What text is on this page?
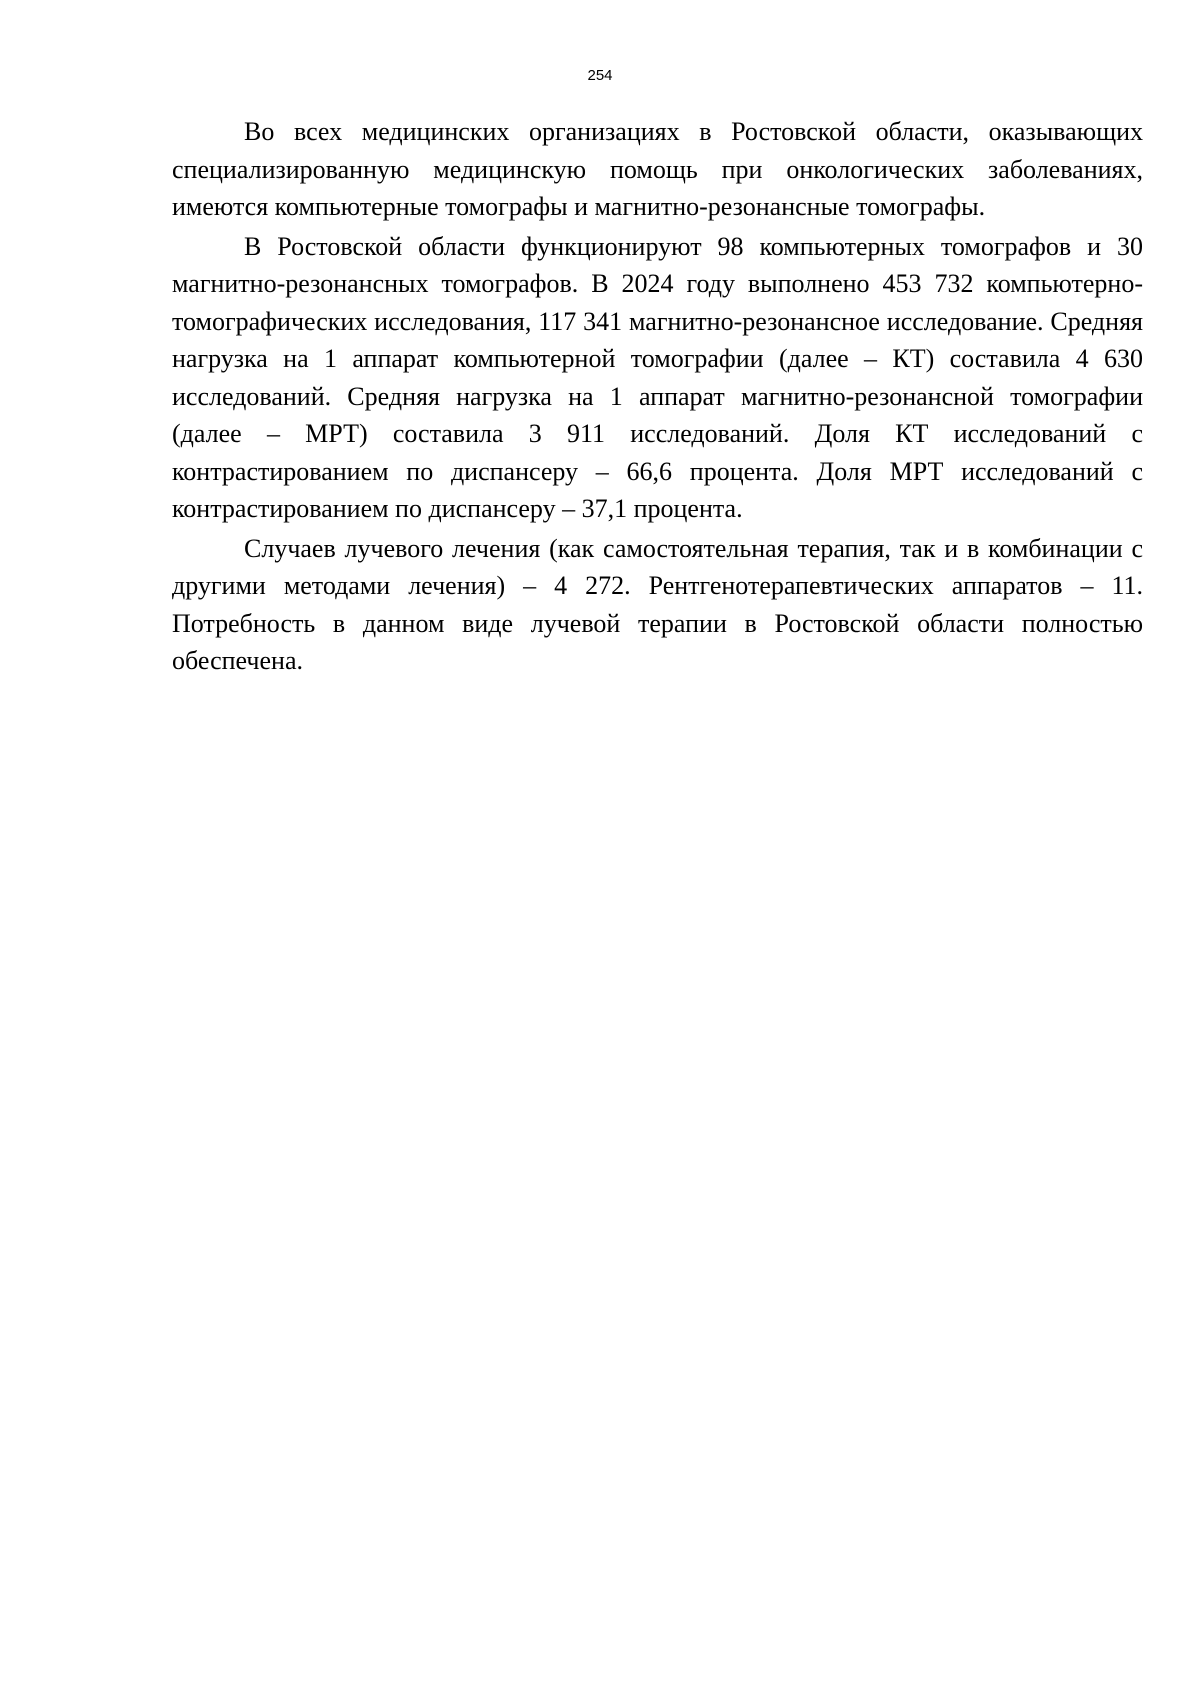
254

Во всех медицинских организациях в Ростовской области, оказывающих специализированную медицинскую помощь при онкологических заболеваниях, имеются компьютерные томографы и магнитно-резонансные томографы.

В Ростовской области функционируют 98 компьютерных томографов и 30 магнитно-резонансных томографов. В 2024 году выполнено 453 732 компьютерно-томографических исследования, 117 341 магнитно-резонансное исследование. Средняя нагрузка на 1 аппарат компьютерной томографии (далее – КТ) составила 4 630 исследований. Средняя нагрузка на 1 аппарат магнитно-резонансной томографии (далее – МРТ) составила 3 911 исследований. Доля КТ исследований с контрастированием по диспансеру – 66,6 процента. Доля МРТ исследований с контрастированием по диспансеру – 37,1 процента.

Случаев лучевого лечения (как самостоятельная терапия, так и в комбинации с другими методами лечения) – 4 272. Рентгенотерапевтических аппаратов – 11. Потребность в данном виде лучевой терапии в Ростовской области полностью обеспечена.
